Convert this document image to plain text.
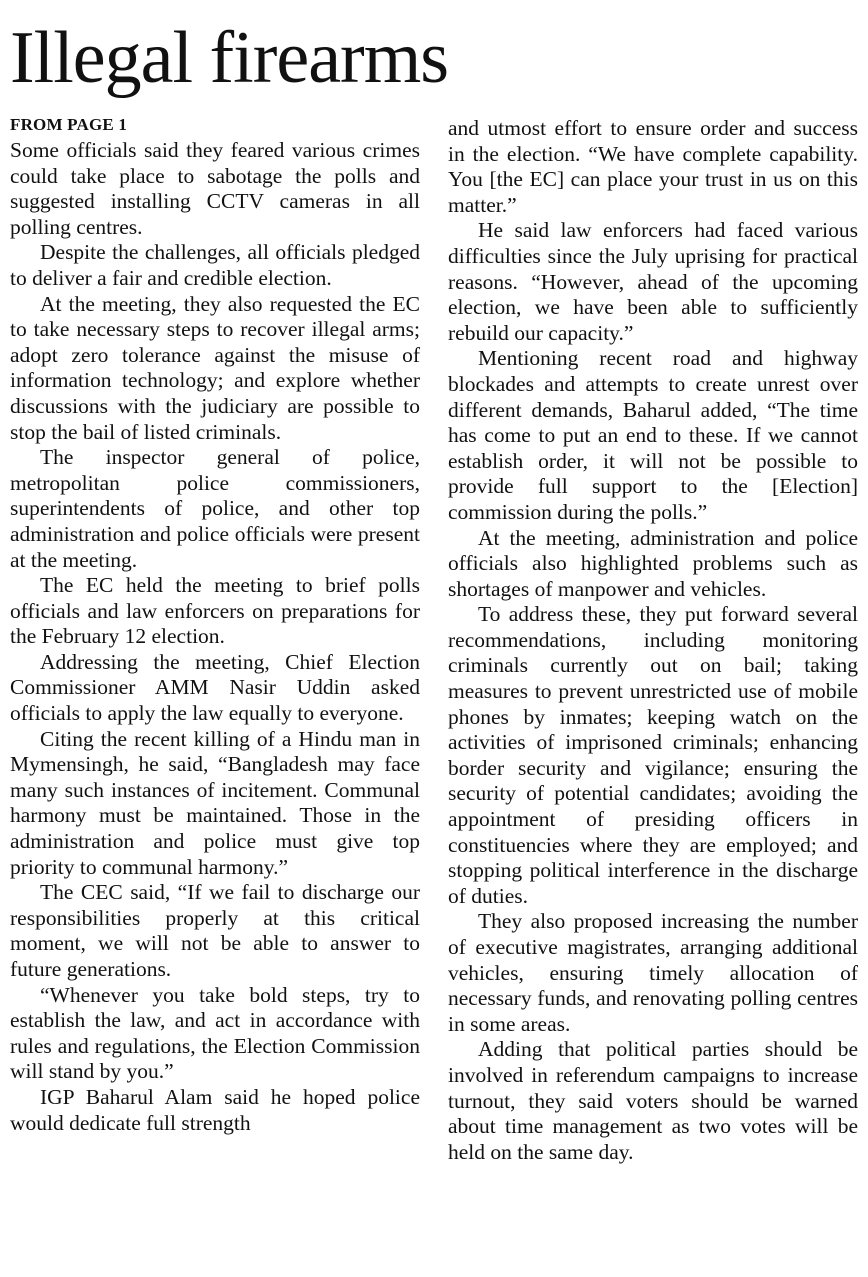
Illegal firearms
FROM PAGE 1

Some officials said they feared various crimes could take place to sabotage the polls and suggested installing CCTV cameras in all polling centres.

Despite the challenges, all officials pledged to deliver a fair and credible election.

At the meeting, they also requested the EC to take necessary steps to recover illegal arms; adopt zero tolerance against the misuse of information technology; and explore whether discussions with the judiciary are possible to stop the bail of listed criminals.

The inspector general of police, metropolitan police commissioners, superintendents of police, and other top administration and police officials were present at the meeting.

The EC held the meeting to brief polls officials and law enforcers on preparations for the February 12 election.

Addressing the meeting, Chief Election Commissioner AMM Nasir Uddin asked officials to apply the law equally to everyone.

Citing the recent killing of a Hindu man in Mymensingh, he said, “Bangladesh may face many such instances of incitement. Communal harmony must be maintained. Those in the administration and police must give top priority to communal harmony.”

The CEC said, “If we fail to discharge our responsibilities properly at this critical moment, we will not be able to answer to future generations.

“Whenever you take bold steps, try to establish the law, and act in accordance with rules and regulations, the Election Commission will stand by you.”

IGP Baharul Alam said he hoped police would dedicate full strength

and utmost effort to ensure order and success in the election. “We have complete capability. You [the EC] can place your trust in us on this matter.”

He said law enforcers had faced various difficulties since the July uprising for practical reasons. “However, ahead of the upcoming election, we have been able to sufficiently rebuild our capacity.”

Mentioning recent road and highway blockades and attempts to create unrest over different demands, Baharul added, “The time has come to put an end to these. If we cannot establish order, it will not be possible to provide full support to the [Election] commission during the polls.”

At the meeting, administration and police officials also highlighted problems such as shortages of manpower and vehicles.

To address these, they put forward several recommendations, including monitoring criminals currently out on bail; taking measures to prevent unrestricted use of mobile phones by inmates; keeping watch on the activities of imprisoned criminals; enhancing border security and vigilance; ensuring the security of potential candidates; avoiding the appointment of presiding officers in constituencies where they are employed; and stopping political interference in the discharge of duties.

They also proposed increasing the number of executive magistrates, arranging additional vehicles, ensuring timely allocation of necessary funds, and renovating polling centres in some areas.

Adding that political parties should be involved in referendum campaigns to increase turnout, they said voters should be warned about time management as two votes will be held on the same day.
